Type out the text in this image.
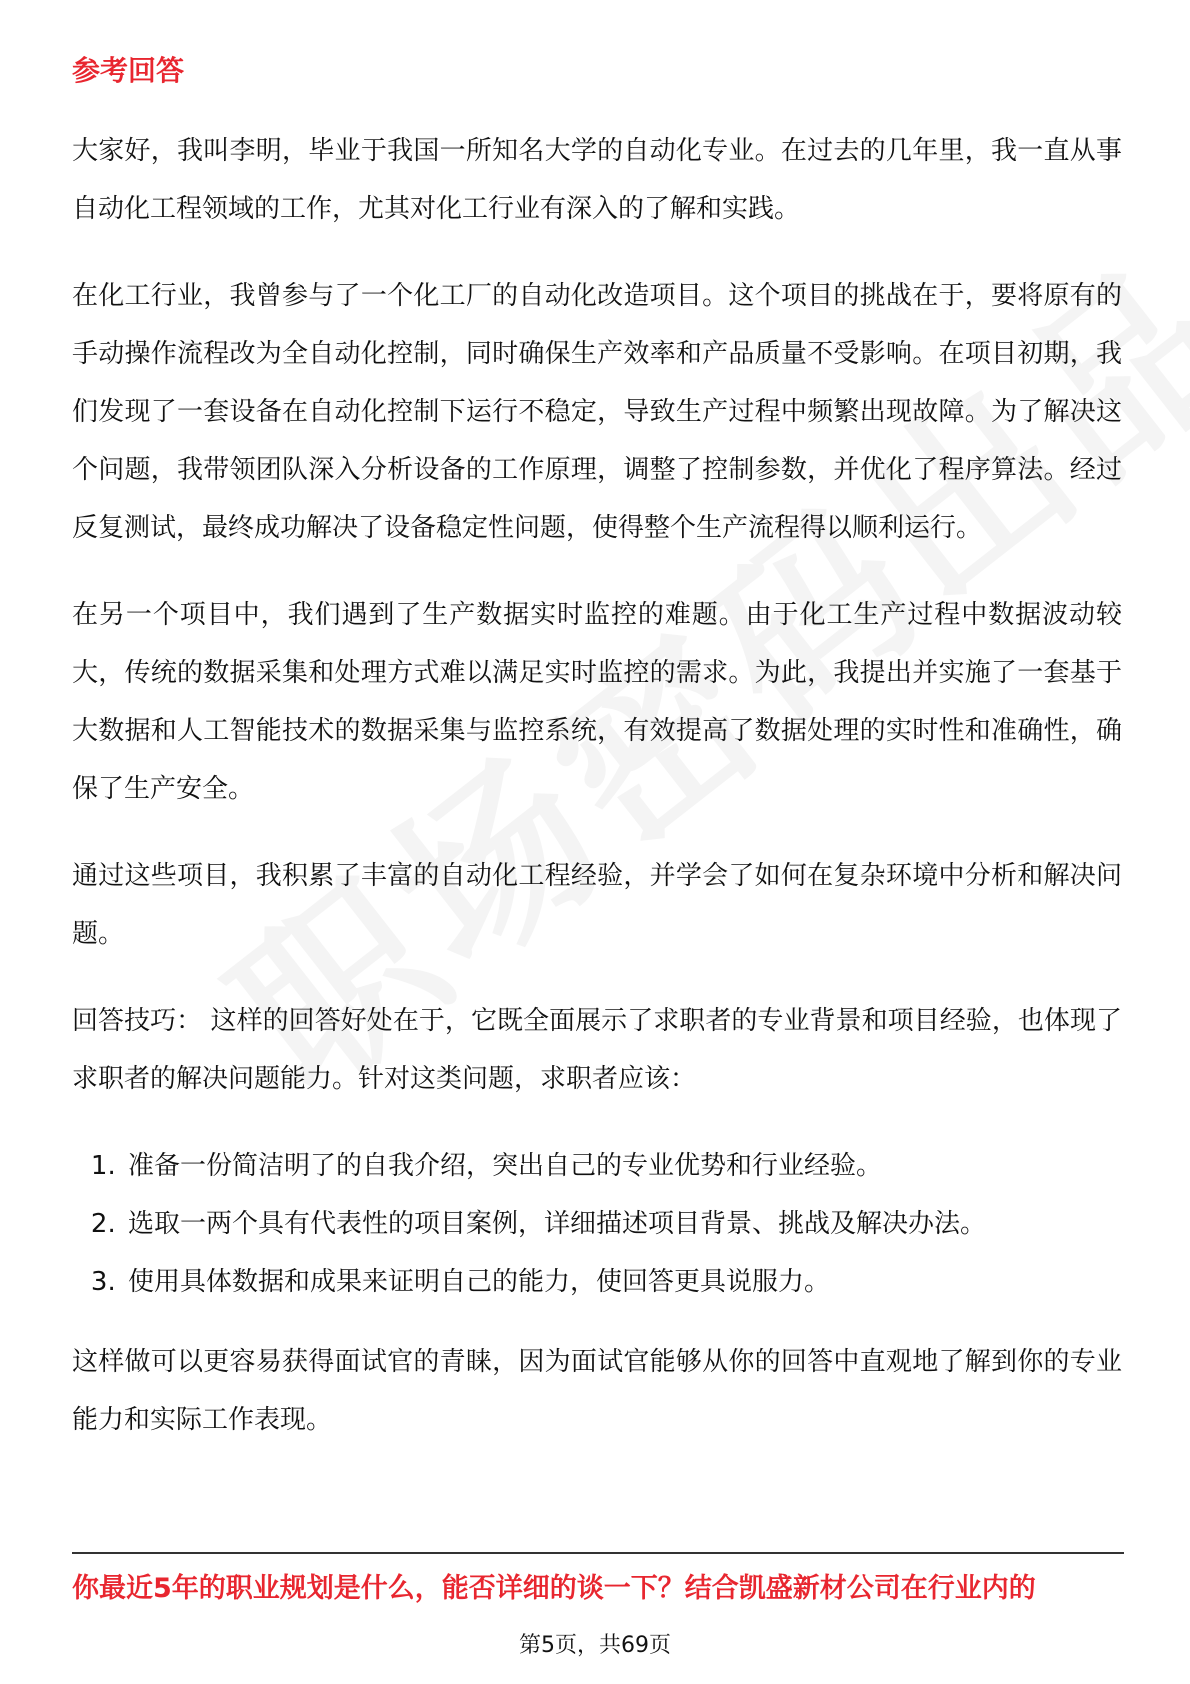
参考回答

大家好，我叫李明，毕业于我国一所知名大学的自动化专业。在过去的几年里，我一直从事自动化工程领域的工作，尤其对化工行业有深入的了解和实践。

在化工行业，我曾参与了一个化工厂的自动化改造项目。这个项目的挑战在于，要将原有的手动操作流程改为全自动化控制，同时确保生产效率和产品质量不受影响。在项目初期，我们发现了一套设备在自动化控制下运行不稳定，导致生产过程中频繁出现故障。为了解决这个问题，我带领团队深入分析设备的工作原理，调整了控制参数，并优化了程序算法。经过反复测试，最终成功解决了设备稳定性问题，使得整个生产流程得以顺利运行。

在另一个项目中，我们遇到了生产数据实时监控的难题。由于化工生产过程中数据波动较大，传统的数据采集和处理方式难以满足实时监控的需求。为此，我提出并实施了一套基于大数据和人工智能技术的数据采集与监控系统，有效提高了数据处理的实时性和准确性，确保了生产安全。

通过这些项目，我积累了丰富的自动化工程经验，并学会了如何在复杂环境中分析和解决问题。

回答技巧： 这样的回答好处在于，它既全面展示了求职者的专业背景和项目经验，也体现了求职者的解决问题能力。针对这类问题，求职者应该：

1. 准备一份简洁明了的自我介绍，突出自己的专业优势和行业经验。
2. 选取一两个具有代表性的项目案例，详细描述项目背景、挑战及解决办法。
3. 使用具体数据和成果来证明自己的能力，使回答更具说服力。

这样做可以更容易获得面试官的青睐，因为面试官能够从你的回答中直观地了解到你的专业能力和实际工作表现。

你最近5年的职业规划是什么，能否详细的谈一下？结合凯盛新材公司在行业内的
第5页，共69页
